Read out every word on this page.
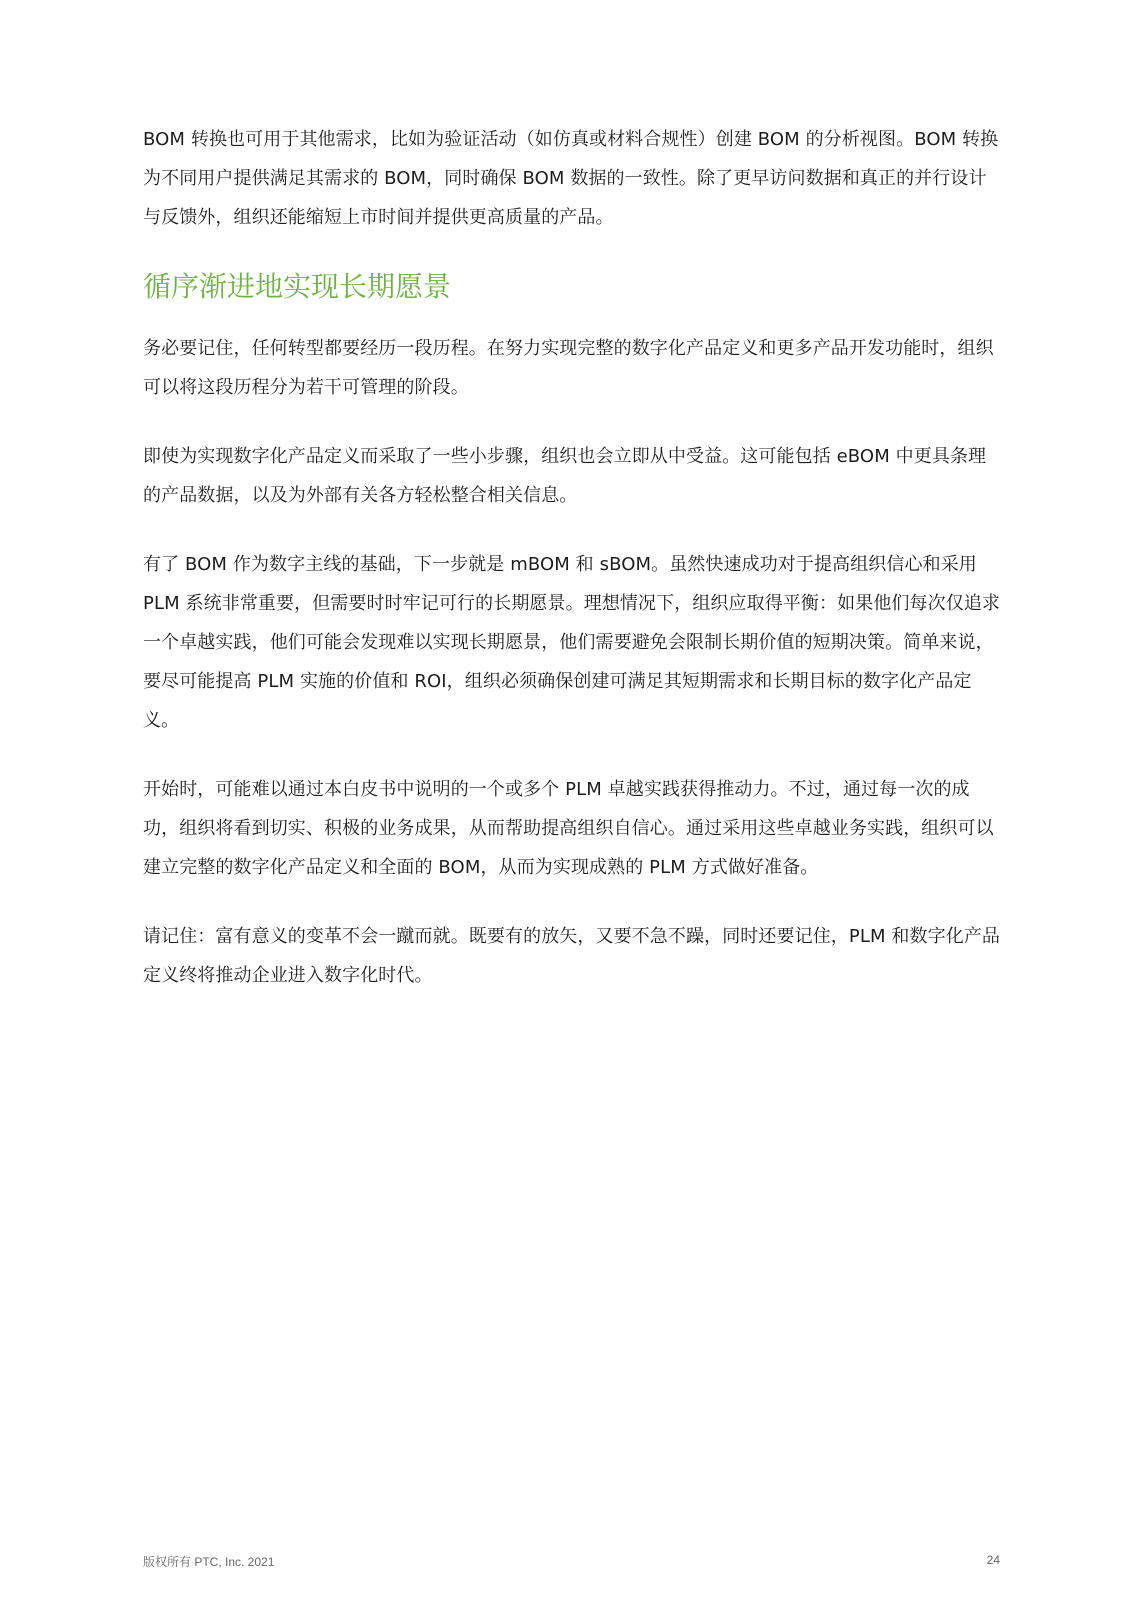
BOM 转换也可用于其他需求，比如为验证活动（如仿真或材料合规性）创建 BOM 的分析视图。BOM 转换为不同用户提供满足其需求的 BOM，同时确保 BOM 数据的一致性。除了更早访问数据和真正的并行设计与反馈外，组织还能缩短上市时间并提供更高质量的产品。

循序渐进地实现长期愿景

务必要记住，任何转型都要经历一段历程。在努力实现完整的数字化产品定义和更多产品开发功能时，组织可以将这段历程分为若干可管理的阶段。

即使为实现数字化产品定义而采取了一些小步骤，组织也会立即从中受益。这可能包括 eBOM 中更具条理的产品数据，以及为外部有关各方轻松整合相关信息。

有了 BOM 作为数字主线的基础，下一步就是 mBOM 和 sBOM。虽然快速成功对于提高组织信心和采用 PLM 系统非常重要，但需要时时牢记可行的长期愿景。理想情况下，组织应取得平衡：如果他们每次仅追求一个卓越实践，他们可能会发现难以实现长期愿景，他们需要避免会限制长期价值的短期决策。简单来说，要尽可能提高 PLM 实施的价值和 ROI，组织必须确保创建可满足其短期需求和长期目标的数字化产品定义。

开始时，可能难以通过本白皮书中说明的一个或多个 PLM 卓越实践获得推动力。不过，通过每一次的成功，组织将看到切实、积极的业务成果，从而帮助提高组织自信心。通过采用这些卓越业务实践，组织可以建立完整的数字化产品定义和全面的 BOM，从而为实现成熟的 PLM 方式做好准备。

请记住：富有意义的变革不会一蹴而就。既要有的放矢，又要不急不躁，同时还要记住，PLM 和数字化产品定义终将推动企业进入数字化时代。

版权所有 PTC, Inc. 2021	24
